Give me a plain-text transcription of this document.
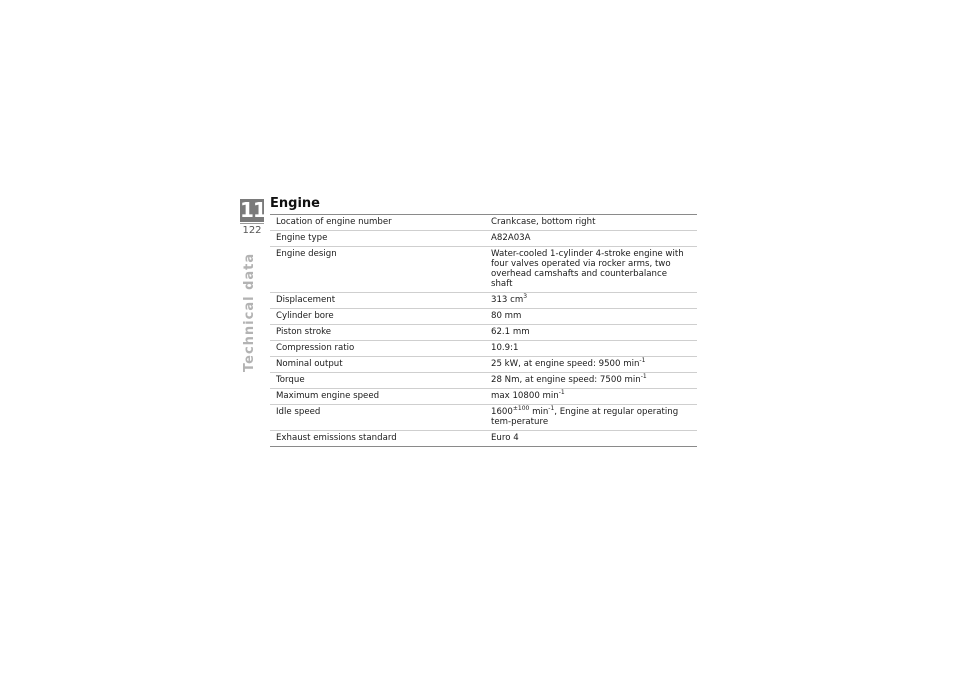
11
122
Technical data
Engine
Location of engine number	Crankcase, bottom right
Engine type	A82A03A
Engine design	Water-cooled 1-cylinder 4-stroke engine with four valves operated via rocker arms, two overhead camshafts and counterbalance shaft
Displacement	313 $cm^3$
Cylinder bore	80 mm
Piston stroke	62.1 mm
Compression ratio	10.9:1
Nominal output	25 kW, at engine speed: 9500 $\min^{-1}$
Torque	28 Nm, at engine speed: 7500 $\min^{-1}$
Maximum engine speed	max 10800 $\min^{-1}$
Idle speed	$1600^{\pm 100}$ $\min^{-1}$, Engine at regular operating tem-perature
Exhaust emissions standard	Euro 4
